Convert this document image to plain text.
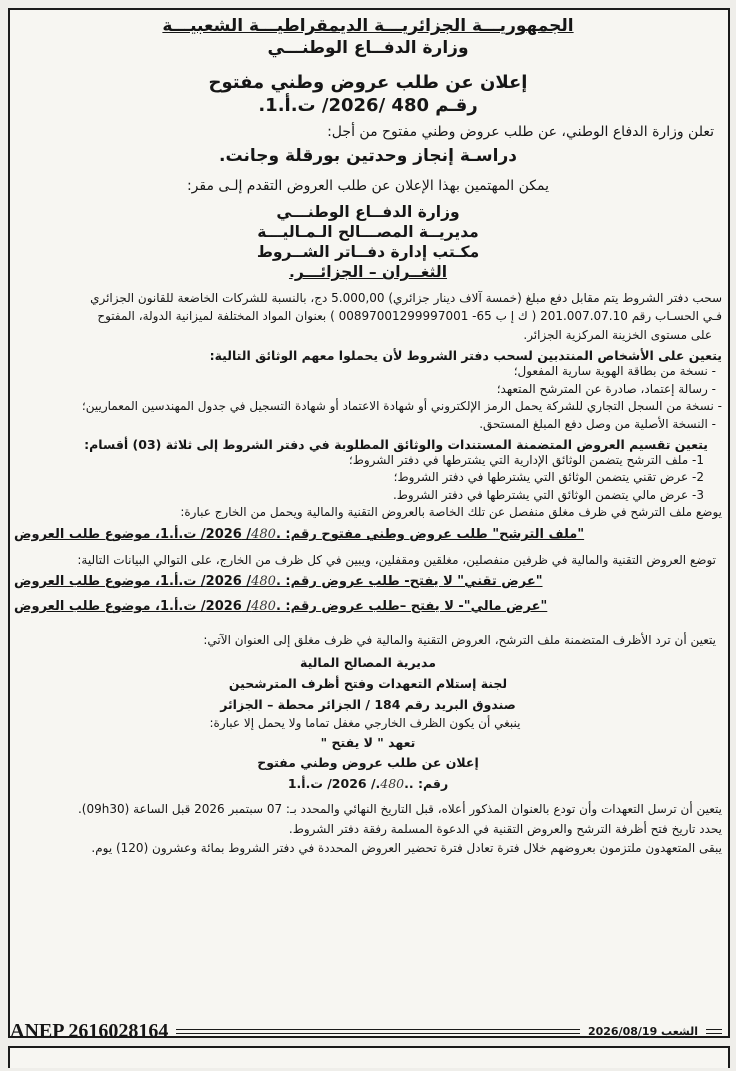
الجمهوريـــة الجزائريـــة الديمقراطيـــة الشعبيـــة
وزارة الدفــاع الوطنـــي
إعلان عن طلب عروض وطني مفتوح
رقـم 480 /2026/ ت.أ.1.
تعلن وزارة الدفاع الوطني، عن طلب عروض وطني مفتوح من أجل:
دراسـة إنجاز وحدتين بورقلة وجانت.
يمكن المهتمين بهذا الإعلان عن طلب العروض التقدم إلـى مقر:
وزارة الدفــاع الوطنـــي
مديريــة المصـــالح الـمـاليـــة
مكـتب إدارة دفــاتر الشــروط
الثغــران – الجزائـــر.
سحب دفتر الشروط يتم مقابل دفع مبلغ (خمسة آلاف دينار جزائري) 5.000,00 دج، بالنسبة للشركات الخاضعة للقانون الجزائري
فـي الحسـاب رقم 201.007.07.10 ( ك إ ب 65- 00897001299997001 ) بعنوان المواد المختلفة لميزانية الدولة، المفتوح
على مستوى الخزينة المركزية الجزائر.
يتعين على الأشخاص المنتدبين لسحب دفتر الشروط لأن يحملوا معهم الوثائق التالية:
- نسخة من بطاقة الهوية سارية المفعول؛
- رسالة إعتماد، صادرة عن المترشح المتعهد؛
- نسخة من السجل التجاري للشركة يحمل الرمز الإلكتروني أو شهادة الاعتماد أو شهادة التسجيل في جدول المهندسين المعماريين؛
- النسخة الأصلية من وصل دفع المبلغ المستحق.
يتعين تقسيم العروض المتضمنة المستندات والوثائق المطلوبة في دفتر الشروط إلى ثلاثة (03) أقسام:
1- ملف الترشح يتضمن الوثائق الإدارية التي يشترطها في دفتر الشروط؛
2- عرض تقني يتضمن الوثائق التي يشترطها في دفتر الشروط؛
3- عرض مالي يتضمن الوثائق التي يشترطها في دفتر الشروط.
يوضع ملف الترشح في ظرف مغلق منفصل عن تلك الخاصة بالعروض التقنية والمالية ويحمل من الخارج عبارة:
"ملف الترشح" طلب عروض وطني مفتوح رقم: .480/ 2026/ ت.أ.1، موضوع طلب العروض
توضع العروض التقنية والمالية في ظرفين منفصلين، مغلقين ومقفلين، ويبين في كل ظرف من الخارج، على التوالي البيانات التالية:
"عرض تقني" لا يفتح- طلب عروض رقم: .480/ 2026/ ت.أ.1، موضوع طلب العروض
"عرض مالي"- لا يفتح –طلب عروض رقم: .480/ 2026/ ت.أ.1، موضوع طلب العروض
يتعين أن ترد الأظرف المتضمنة ملف الترشح، العروض التقنية والمالية في ظرف مغلق إلى العنوان الآتي:
مديرية المصالح المالية
لجنة إستلام التعهدات وفتح أظرف المترشحين
صندوق البريد رقم 184 / الجزائر محطة – الجزائر
ينبغي أن يكون الظرف الخارجي مغفل تماما ولا يحمل إلا عبارة:
تعهد " لا يفتح "
إعلان عن طلب عروض وطني مفتوح
رقم: ..480./ 2026/ ت.أ.1
يتعين أن ترسل التعهدات وأن تودع بالعنوان المذكور أعلاه، قبل التاريخ النهائي والمحدد بـ: 07 سبتمبر 2026 قبل الساعة (09h30).
يحدد تاريخ فتح أظرفة الترشح والعروض التقنية في الدعوة المسلمة رفقة دفتر الشروط.
يبقى المتعهدون ملتزمون بعروضهم خلال فترة تعادل فترة تحضير العروض المحددة في دفتر الشروط بمائة وعشرون (120) يوم.
ANEP 2616028164	الشعب 2026/08/19
